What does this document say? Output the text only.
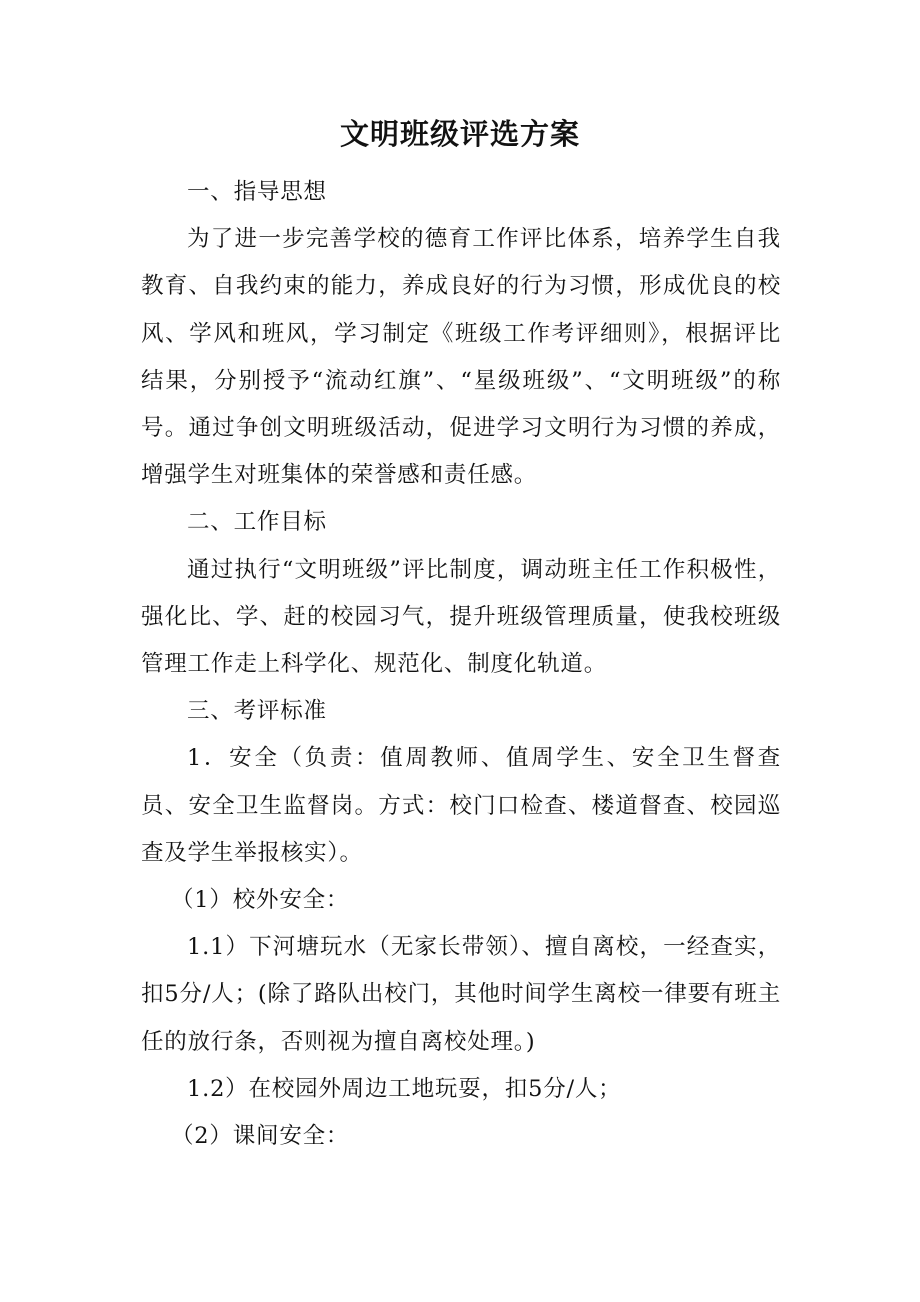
文明班级评选方案

一、指导思想

为了进一步完善学校的德育工作评比体系，培养学生自我教育、自我约束的能力，养成良好的行为习惯，形成优良的校风、学风和班风，学习制定《班级工作考评细则》，根据评比结果，分别授予“流动红旗”、“星级班级”、“文明班级”的称号。通过争创文明班级活动，促进学习文明行为习惯的养成，增强学生对班集体的荣誉感和责任感。

二、工作目标

通过执行“文明班级”评比制度，调动班主任工作积极性，强化比、学、赶的校园习气，提升班级管理质量，使我校班级管理工作走上科学化、规范化、制度化轨道。

三、考评标准

1．安全（负责：值周教师、值周学生、安全卫生督查员、安全卫生监督岗。方式：校门口检查、楼道督查、校园巡查及学生举报核实）。

（1）校外安全：

1.1）下河塘玩水（无家长带领）、擅自离校，一经查实，扣5分/人；(除了路队出校门，其他时间学生离校一律要有班主任的放行条，否则视为擅自离校处理。)

1.2）在校园外周边工地玩耍，扣5分/人；

（2）课间安全：
